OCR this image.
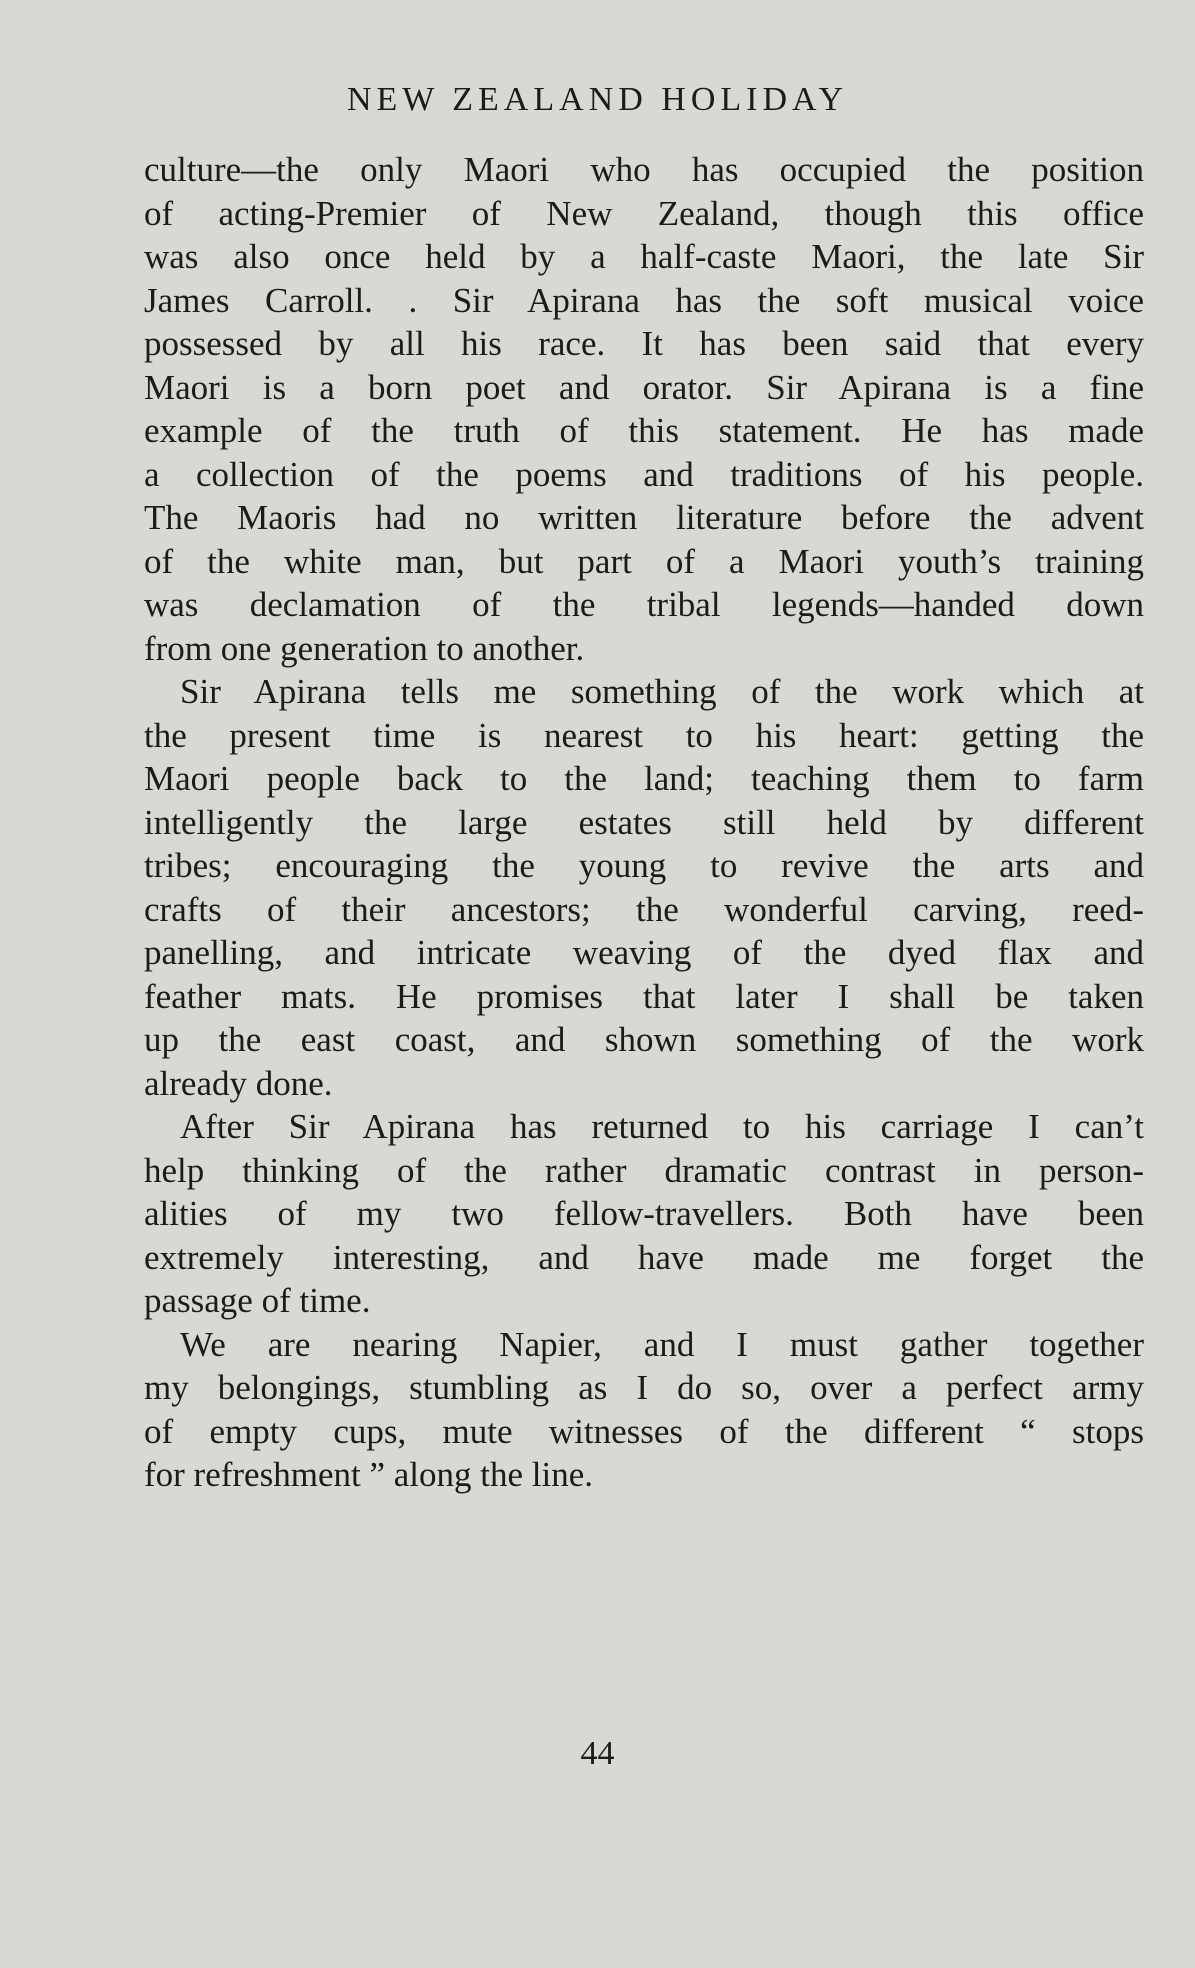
NEW ZEALAND HOLIDAY
culture—the only Maori who has occupied the position
of acting-Premier of New Zealand, though this office
was also once held by a half-caste Maori, the late Sir
James Carroll. . Sir Apirana has the soft musical voice
possessed by all his race. It has been said that every
Maori is a born poet and orator. Sir Apirana is a fine
example of the truth of this statement. He has made
a collection of the poems and traditions of his people.
The Maoris had no written literature before the advent
of the white man, but part of a Maori youth’s training
was declamation of the tribal legends—handed down
from one generation to another.
Sir Apirana tells me something of the work which at
the present time is nearest to his heart: getting the
Maori people back to the land; teaching them to farm
intelligently the large estates still held by different
tribes; encouraging the young to revive the arts and
crafts of their ancestors; the wonderful carving, reed-
panelling, and intricate weaving of the dyed flax and
feather mats. He promises that later I shall be taken
up the east coast, and shown something of the work
already done.
After Sir Apirana has returned to his carriage I can’t
help thinking of the rather dramatic contrast in person-
alities of my two fellow-travellers. Both have been
extremely interesting, and have made me forget the
passage of time.
We are nearing Napier, and I must gather together
my belongings, stumbling as I do so, over a perfect army
of empty cups, mute witnesses of the different “ stops
for refreshment ” along the line.
44
